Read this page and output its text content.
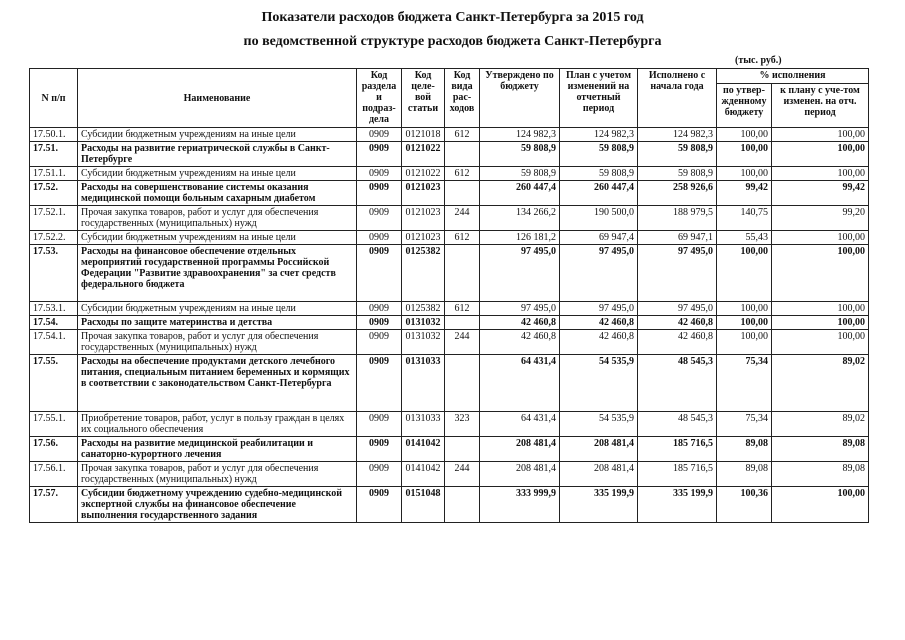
Показатели расходов бюджета Санкт-Петербурга за 2015 год
по ведомственной структуре расходов бюджета Санкт-Петербурга
(тыс. руб.)
N п/п	Наименование	Код раздела и подраз-дела	Код целе-вой статьи	Код вида рас-ходов	Утверждено по бюджету	План с учетом изменений на отчетный период	Исполнено с начала года	% исполнения	
								по утвер-жденному бюджету	к плану с уче-том изменен. на отч. период
17.50.1.	Субсидии бюджетным учреждениям на иные цели	0909	0121018	612	124 982,3	124 982,3	124 982,3	100,00	100,00
17.51.	Расходы на развитие гериатрической службы в Санкт-Петербурге	0909	0121022		59 808,9	59 808,9	59 808,9	100,00	100,00
17.51.1.	Субсидии бюджетным учреждениям на иные цели	0909	0121022	612	59 808,9	59 808,9	59 808,9	100,00	100,00
17.52.	Расходы на совершенствование системы оказания медицинской помощи больным сахарным диабетом	0909	0121023		260 447,4	260 447,4	258 926,6	99,42	99,42
17.52.1.	Прочая закупка товаров, работ и услуг для обеспечения государственных (муниципальных) нужд	0909	0121023	244	134 266,2	190 500,0	188 979,5	140,75	99,20
17.52.2.	Субсидии бюджетным учреждениям на иные цели	0909	0121023	612	126 181,2	69 947,4	69 947,1	55,43	100,00
17.53.	Расходы на финансовое обеспечение отдельных мероприятий государственной программы Российской Федерации "Развитие здравоохранения" за счет средств федерального бюджета	0909	0125382		97 495,0	97 495,0	97 495,0	100,00	100,00
17.53.1.	Субсидии бюджетным учреждениям на иные цели	0909	0125382	612	97 495,0	97 495,0	97 495,0	100,00	100,00
17.54.	Расходы по защите материнства и детства	0909	0131032		42 460,8	42 460,8	42 460,8	100,00	100,00
17.54.1.	Прочая закупка товаров, работ и услуг для обеспечения государственных (муниципальных) нужд	0909	0131032	244	42 460,8	42 460,8	42 460,8	100,00	100,00
17.55.	Расходы на обеспечение продуктами детского лечебного питания, специальным питанием беременных и кормящих в соответствии с законодательством Санкт-Петербурга	0909	0131033		64 431,4	54 535,9	48 545,3	75,34	89,02
17.55.1.	Приобретение товаров, работ, услуг в пользу граждан в целях их социального обеспечения	0909	0131033	323	64 431,4	54 535,9	48 545,3	75,34	89,02
17.56.	Расходы на развитие медицинской реабилитации и санаторно-курортного лечения	0909	0141042		208 481,4	208 481,4	185 716,5	89,08	89,08
17.56.1.	Прочая закупка товаров, работ и услуг для обеспечения государственных (муниципальных) нужд	0909	0141042	244	208 481,4	208 481,4	185 716,5	89,08	89,08
17.57.	Субсидии бюджетному учреждению судебно-медицинской экспертной службы на финансовое обеспечение выполнения государственного задания	0909	0151048		333 999,9	335 199,9	335 199,9	100,36	100,00
